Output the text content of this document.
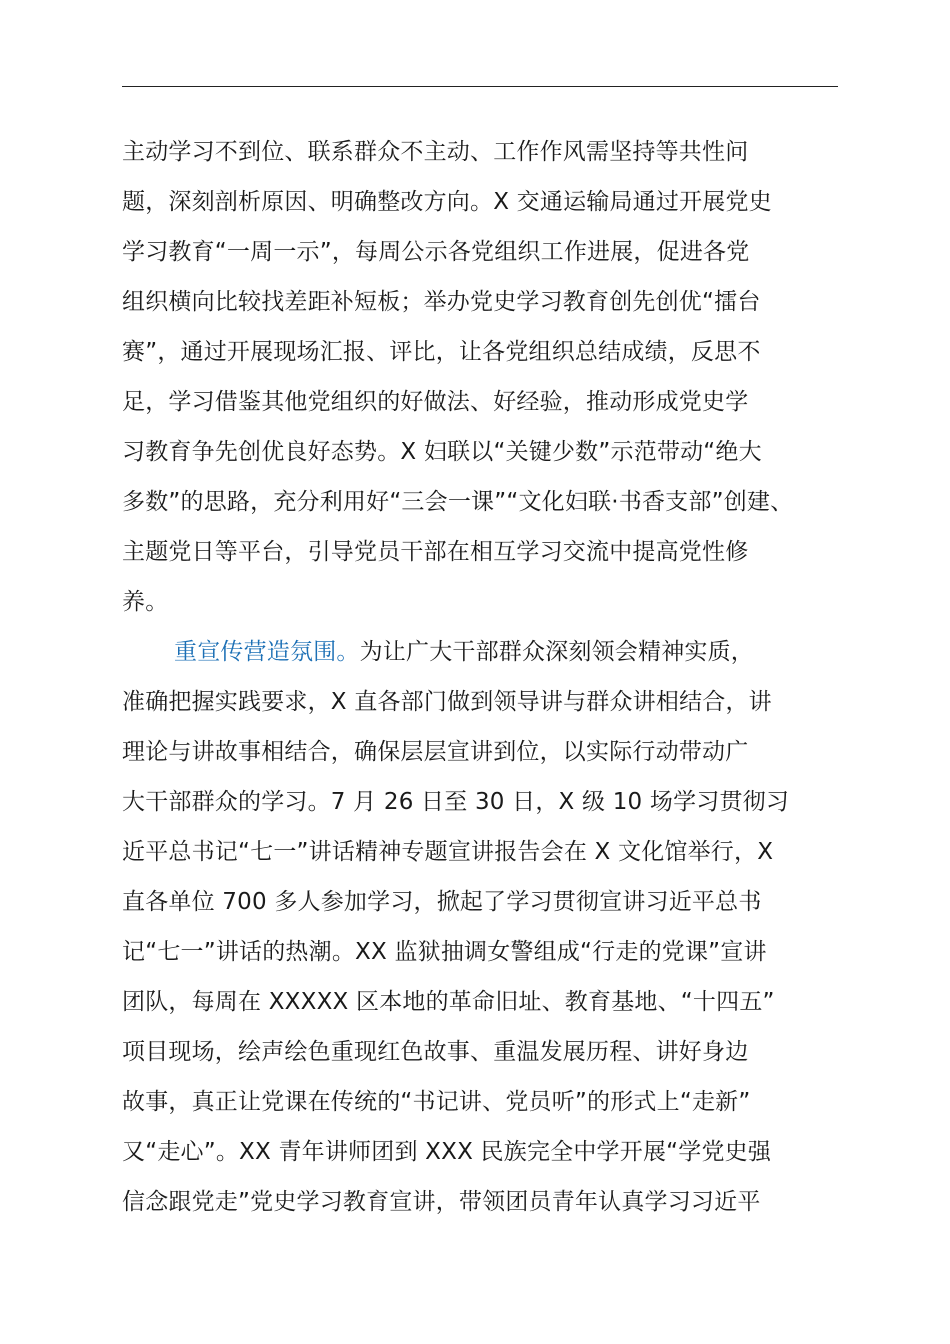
主动学习不到位、联系群众不主动、工作作风需坚持等共性问
题，深刻剖析原因、明确整改方向。X 交通运输局通过开展党史
学习教育“一周一示”，每周公示各党组织工作进展，促进各党
组织横向比较找差距补短板；举办党史学习教育创先创优“擂台
赛”，通过开展现场汇报、评比，让各党组织总结成绩，反思不
足，学习借鉴其他党组织的好做法、好经验，推动形成党史学
习教育争先创优良好态势。X 妇联以“关键少数”示范带动“绝大
多数”的思路，充分利用好“三会一课”“文化妇联·书香支部”创建、
主题党日等平台，引导党员干部在相互学习交流中提高党性修
养。
重宣传营造氛围。为让广大干部群众深刻领会精神实质，
准确把握实践要求，X 直各部门做到领导讲与群众讲相结合，讲
理论与讲故事相结合，确保层层宣讲到位，以实际行动带动广
大干部群众的学习。7 月 26 日至 30 日，X 级 10 场学习贯彻习
近平总书记“七一”讲话精神专题宣讲报告会在 X 文化馆举行，X
直各单位 700 多人参加学习，掀起了学习贯彻宣讲习近平总书
记“七一”讲话的热潮。XX 监狱抽调女警组成“行走的党课”宣讲
团队，每周在 XXXXX 区本地的革命旧址、教育基地、“十四五”
项目现场，绘声绘色重现红色故事、重温发展历程、讲好身边
故事，真正让党课在传统的“书记讲、党员听”的形式上“走新”
又“走心”。XX 青年讲师团到 XXX 民族完全中学开展“学党史强
信念跟党走”党史学习教育宣讲，带领团员青年认真学习习近平
